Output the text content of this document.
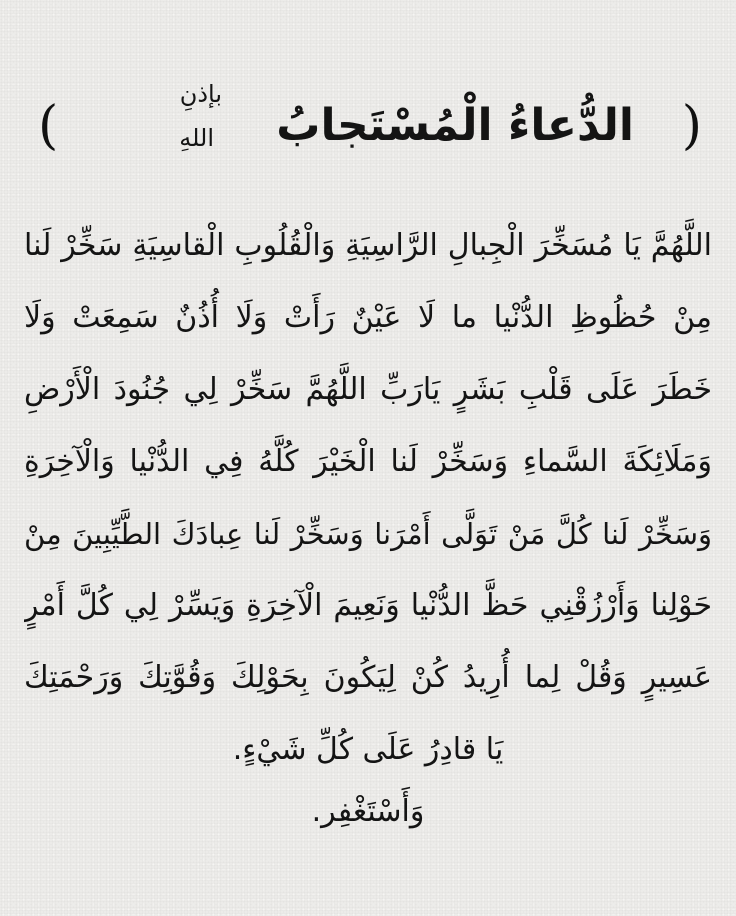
(
الدُّعاءُ الْمُسْتَجابُ
بإذنِ
اللهِ
)
اللَّهُمَّ يَا مُسَخِّرَ الْجِبالِ الرَّاسِيَةِ وَالْقُلُوبِ الْقاسِيَةِ سَخِّرْ لَنا
مِنْ حُظُوظِ الدُّنْيا ما لَا عَيْنٌ رَأَتْ وَلَا أُذُنٌ سَمِعَتْ وَلَا
خَطَرَ عَلَى قَلْبِ بَشَرٍ يَارَبِّ اللَّهُمَّ سَخِّرْ لِي جُنُودَ الْأَرْضِ
وَمَلَائِكَةَ السَّماءِ وَسَخِّرْ لَنا الْخَيْرَ كُلَّهُ فِي الدُّنْيا وَالْآخِرَةِ
وَسَخِّرْ لَنا كُلَّ مَنْ تَوَلَّى أَمْرَنا وَسَخِّرْ لَنا عِبادَكَ الطَّيِّبِينَ مِنْ
حَوْلِنا وَأَرْزُقْنِي حَظَّ الدُّنْيا وَنَعِيمَ الْآخِرَةِ وَيَسِّرْ لِي كُلَّ أَمْرٍ
عَسِيرٍ وَقُلْ لِما أُرِيدُ كُنْ لِيَكُونَ بِحَوْلِكَ وَقُوَّتِكَ وَرَحْمَتِكَ
يَا قادِرُ عَلَى كُلِّ شَيْءٍ.
وَأَسْتَغْفِر.
